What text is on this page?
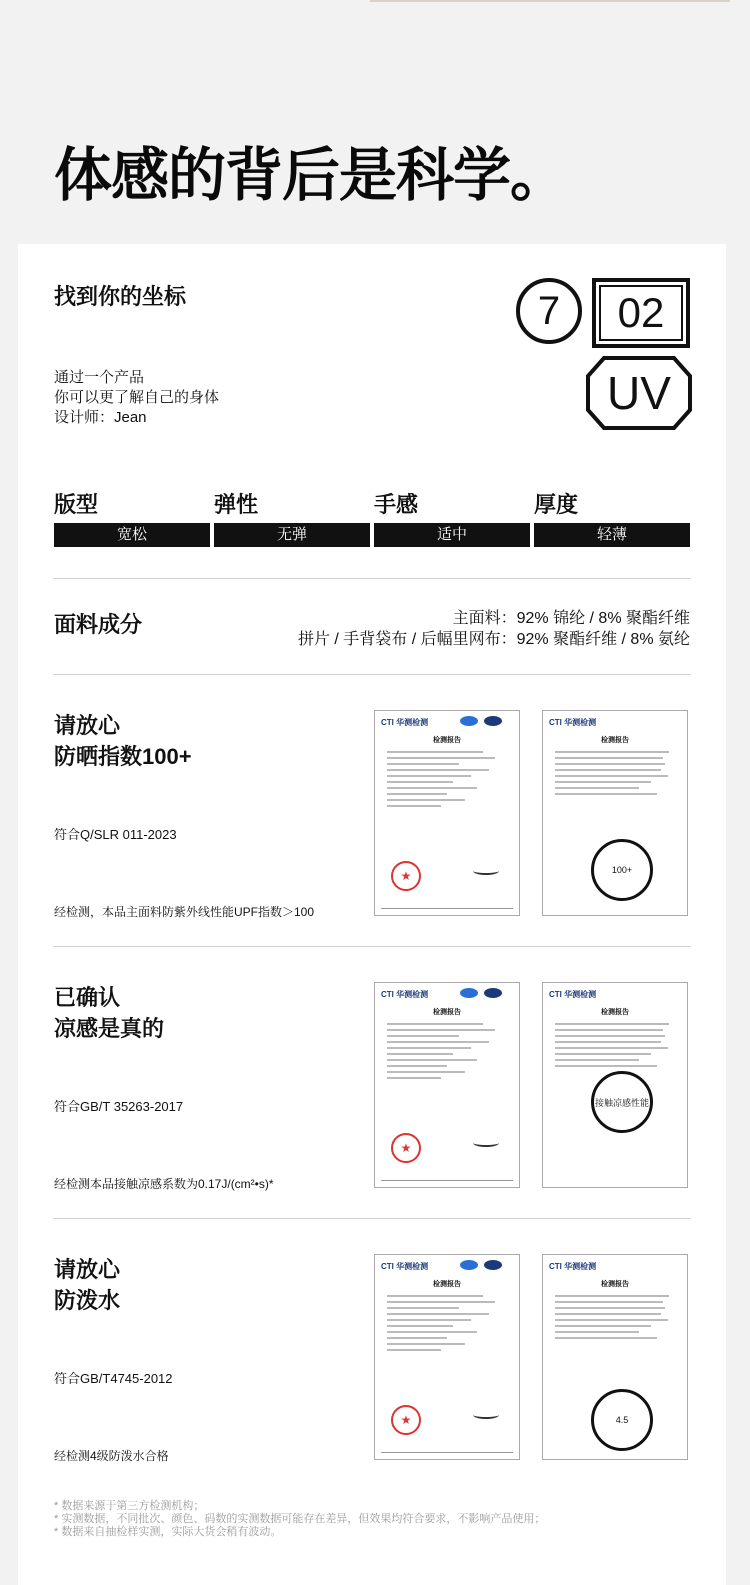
体感的背后是科学。
找到你的坐标
通过一个产品
你可以更了解自己的身体
设计师：Jean
7	02
UV
版型
宽松
弹性
无弹
手感
适中
厚度
轻薄
面料成分	主面料：92% 锦纶 / 8% 聚酯纤维
拼片 / 手背袋布 / 后幅里网布：92% 聚酯纤维 / 8% 氨纶
请放心
防晒指数100+
符合Q/SLR 011-2023
经检测，本品主面料防紫外线性能UPF指数＞100
CTI 华测检测
检测报告
★
CTI 华测检测
检测报告
100+
已确认
凉感是真的
符合GB/T 35263-2017
经检测本品接触凉感系数为0.17J/(cm²•s)*
CTI 华测检测
检测报告
★
CTI 华测检测
检测报告
接触凉感性能
请放心
防泼水
符合GB/T4745-2012
经检测4级防泼水合格
CTI 华测检测
检测报告
★
CTI 华测检测
检测报告
4.5
* 数据来源于第三方检测机构；
* 实测数据，不同批次、颜色、码数的实测数据可能存在差异，但效果均符合要求，不影响产品使用；
* 数据来自抽检样实测，实际大货会稍有波动。
